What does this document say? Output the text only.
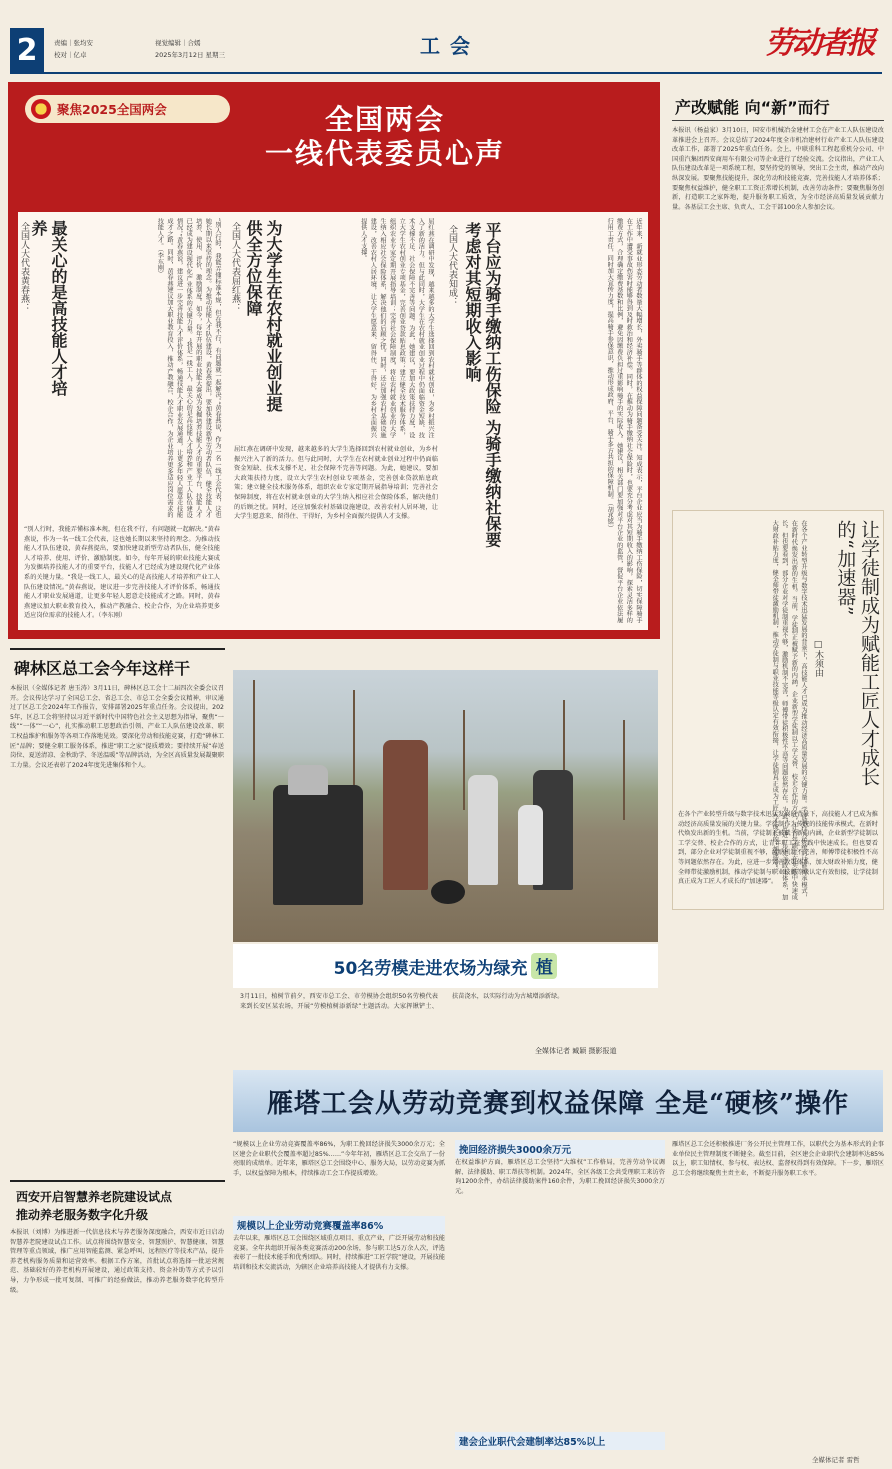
2	责编｜张均安
校对｜亿卓
视觉编辑｜合嫣
2025年3月12日 星期三	工会	劳动者报
聚焦2025全国两会	全国两会
一线代表委员心声
最关心的是高技能人才培养
全国人大代表黄春燕：	“别人行时，我能弄懂标准本规，但在我不行，有问题就一起解决。”黄春燕说，作为一名一线工会代表，这也她长期以来坚持的理念。为推动技能人才队伍建设，黄春燕提出，要加快建设新型劳动者队伍，健全技能人才培养、使用、评价、激励制度。如今，每年开展的职业技能大赛成为发掘培养技能人才的重要平台，技能人才已经成为建设现代化产业体系的关键力量。“我是一线工人，最关心的是高技能人才培养和产业工人队伍建设情况。”黄春燕说，建议进一步完善技能人才评价体系，畅通技能人才职业发展通道，让更多年轻人愿意走技能成才之路。同时，黄春燕建议加大职业教育投入，推动产教融合、校企合作，为企业培养更多适应岗位需求的技能人才。（李东刚）
“别人行时，我能弄懂标准本规，但在我不行，有问题就一起解决。”黄春燕说，作为一名一线工会代表，这也她长期以来坚持的理念。为推动技能人才队伍建设，黄春燕提出，要加快建设新型劳动者队伍，健全技能人才培养、使用、评价、激励制度。如今，每年开展的职业技能大赛成为发掘培养技能人才的重要平台，技能人才已经成为建设现代化产业体系的关键力量。“我是一线工人，最关心的是高技能人才培养和产业工人队伍建设情况。”黄春燕说，建议进一步完善技能人才评价体系，畅通技能人才职业发展通道，让更多年轻人愿意走技能成才之路。同时，黄春燕建议加大职业教育投入，推动产教融合、校企合作，为企业培养更多适应岗位需求的技能人才。（李东刚）
为大学生在农村就业创业提供全方位保障
全国人大代表屈红燕：	屈红燕在调研中发现，越来越多的大学生选择回到农村就业创业，为乡村振兴注入了新的活力。但与此同时，大学生在农村就业创业过程中仍面临资金短缺、技术支撑不足、社会保障不完善等问题。为此，她建议，要加大政策扶持力度，设立大学生农村创业专项基金，完善创业贷款贴息政策；建立健全技术服务体系，组织农业专家定期开展指导培训；完善社会保障制度，将在农村就业创业的大学生纳入相应社会保险体系，解决他们的后顾之忧。同时，还应加强农村基础设施建设，改善农村人居环境，让大学生愿意来、留得住、干得好，为乡村全面振兴提供人才支撑。
屈红燕在调研中发现，越来越多的大学生选择回到农村就业创业，为乡村振兴注入了新的活力。但与此同时，大学生在农村就业创业过程中仍面临资金短缺、技术支撑不足、社会保障不完善等问题。为此，她建议，要加大政策扶持力度，设立大学生农村创业专项基金，完善创业贷款贴息政策；建立健全技术服务体系，组织农业专家定期开展指导培训；完善社会保障制度，将在农村就业创业的大学生纳入相应社会保险体系，解决他们的后顾之忧。同时，还应加强农村基础设施建设，改善农村人居环境，让大学生愿意来、留得住、干得好，为乡村全面振兴提供人才支撑。	平台应为骑手缴纳工伤保险 为骑手缴纳社保要考虑对其短期收入影响
全国人大代表知成：	近年来，新就业形态劳动者数量大幅增长，外卖骑手等群体的权益保障问题备受关注。知成表示，平台企业应当为骑手缴纳工伤保险，切实保障骑手在工作中遭受事故伤害时能够得到及时救治和经济补偿。同时，在推动为骑手缴纳社会保险时，也要充分考虑对其短期收入的影响，探索灵活多样的缴费方式，合理确定缴费基数和比例，避免因缴费负担过重影响骑手的实际收入。她建议，相关部门要加强对平台企业的监管，督促平台企业依法履行用工责任，同时加大宣传力度，提高骑手参保意识，推动形成政府、平台、骑手多方共担的保障机制。（胡兆铭）
产改赋能 向“新”而行
本报讯（杨益家）3月10日，国安市机械冶金建材工会在产业工人队伍建设改革推进会上召开。会议总结了2024年度全市机冶建材行业产业工人队伍建设改革工作，部署了2025年重点任务。会上，中联重科工程起重机分公司、中国重汽集团西安商用车有限公司等企业进行了经验交流。会议指出，产业工人队伍建设改革是一项系统工程，要坚持党的领导，突出工会主责，推动产改向纵深发展。要聚焦技能提升，深化劳动和技能竞赛，完善技能人才培养体系；要聚焦权益维护，健全职工工资正常增长机制，改善劳动条件；要聚焦服务创新，打造职工之家阵地，提升服务职工质效，为全市经济高质量发展贡献力量。各基层工会主席、负责人、工会干部100余人参加会议。
让学徒制成为赋能工匠人才成长的“加速器”
□木须由
在各个产业转型升级与数字技术迅猛发展的背景下，高技能人才已成为推动经济高质量发展的关键力量。学徒制作为传统的技能传承模式，在新时代焕发出新的生机。当前，学徒制正被赋予新的内涵，企业新型学徒制以工学交替、校企合作的方式，让青年职工在实践中快速成长。但也要看到，部分企业对学徒制重视不够，激励机制不完善，师傅带徒积极性不高等问题依然存在。为此，应进一步完善政策体系，加大财政补贴力度，健全师带徒激励机制，推动学徒制与职业技能等级认定有效衔接，让学徒制真正成为工匠人才成长的“加速器”。
在各个产业转型升级与数字技术迅猛发展的背景下，高技能人才已成为推动经济高质量发展的关键力量。学徒制作为传统的技能传承模式，在新时代焕发出新的生机。当前，学徒制正被赋予新的内涵，企业新型学徒制以工学交替、校企合作的方式，让青年职工在实践中快速成长。但也要看到，部分企业对学徒制重视不够，激励机制不完善，师傅带徒积极性不高等问题依然存在。为此，应进一步完善政策体系，加大财政补贴力度，健全师带徒激励机制，推动学徒制与职业技能等级认定有效衔接，让学徒制真正成为工匠人才成长的“加速器”。
碑林区总工会今年这样干
本报讯（全媒体记者 唐玉涛）3月11日，碑林区总工会十二届四次全委会议召开。会议传达学习了全国总工会、省总工会、市总工会全委会议精神，审议通过了区总工会2024年工作报告，安排部署2025年重点任务。会议提出，2025年，区总工会将坚持以习近平新时代中国特色社会主义思想为指导，聚焦“一线”“一体”“一心”，扎实推动职工思想政治引领、产业工人队伍建设改革、职工权益维护和服务等各项工作落地见效。要深化劳动和技能竞赛，打造“碑林工匠”品牌；要健全职工服务体系，推进“职工之家”提质增效；要持续开展“春送岗位、夏送清凉、金秋助学、冬送温暖”等品牌活动，为全区高质量发展凝聚职工力量。会议还表彰了2024年度先进集体和个人。
西安开启智慧养老院建设试点
推动养老服务数字化升级
本报讯（刘博）为推进新一代信息技术与养老服务深度融合，西安市近日启动智慧养老院建设试点工作。试点将围绕智慧安全、智慧照护、智慧健康、智慧管理等重点领域，推广应用智能监测、紧急呼叫、远程医疗等技术产品，提升养老机构服务质量和运营效率。根据工作方案，首批试点将选择一批运营规范、基础较好的养老机构开展建设，通过政策支持、资金补助等方式予以引导，力争形成一批可复制、可推广的经验做法，推动养老服务数字化转型升级。
50名劳模走进农场为绿充 植
3月11日，植树节前夕，西安市总工会、市劳模协会组织50名劳模代表来到长安区某农场，开展“劳模植树添新绿”主题活动。大家挥锹铲土、扶苗浇水，以实际行动为古城增添新绿。
全媒体记者 臧颖 摄影报道
雁塔工会从劳动竞赛到权益保障 全是“硬核”操作
“规模以上企业劳动竞赛覆盖率86%，为职工挽回经济损失3000余万元；全区建会企业职代会覆盖率超过85%……”今年年初，雁塔区总工会交出了一份亮眼的成绩单。近年来，雁塔区总工会围绕中心、服务大局，以劳动竞赛为抓手，以权益保障为根本，持续推动工会工作提质增效。
规模以上企业劳动竞赛覆盖率86%
去年以来，雁塔区总工会围绕区域重点项目、重点产业，广泛开展劳动和技能竞赛。全年共组织开展各类竞赛活动200余场，参与职工达5万余人次，评选表彰了一批技术能手和优秀团队。同时，持续推进“工匠学院”建设，开展技能培训和技术交流活动，为辖区企业培养高技能人才提供有力支撑。
挽回经济损失3000余万元
在权益维护方面，雁塔区总工会坚持“大维权”工作格局，完善劳动争议调解、法律援助、职工帮扶等机制。2024年，全区各级工会共受理职工来访咨询1200余件，办结法律援助案件160余件，为职工挽回经济损失3000余万元。
建会企业职代会建制率达85%以上
雁塔区总工会还积极推进厂务公开民主管理工作，以职代会为基本形式的企事业单位民主管理制度不断健全。截至目前，全区建会企业职代会建制率达85%以上，职工知情权、参与权、表达权、监督权得到有效保障。下一步，雁塔区总工会将继续聚焦主责主业，不断提升服务职工水平。
全媒体记者 雷哲
